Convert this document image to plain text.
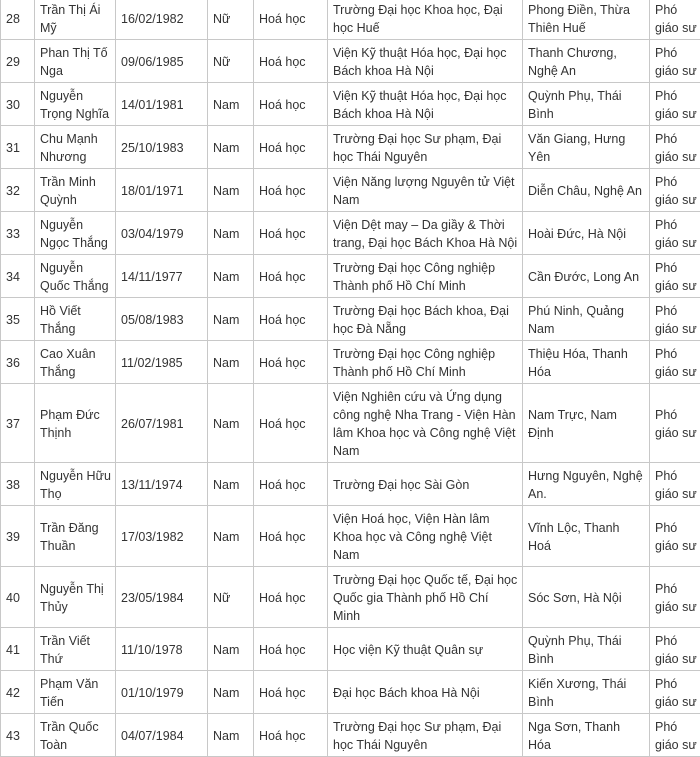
28	Trần Thị Ái Mỹ	16/02/1982	Nữ	Hoá học	Trường Đại học Khoa học, Đại học Huế	Phong Điền, Thừa Thiên Huế	Phó giáo sư
29	Phan Thị Tố Nga	09/06/1985	Nữ	Hoá học	Viện Kỹ thuật Hóa học, Đại học Bách khoa Hà Nội	Thanh Chương, Nghệ An	Phó giáo sư
30	Nguyễn Trọng Nghĩa	14/01/1981	Nam	Hoá học	Viện Kỹ thuật Hóa học, Đại học Bách khoa Hà Nội	Quỳnh Phụ, Thái Bình	Phó giáo sư
31	Chu Mạnh Nhương	25/10/1983	Nam	Hoá học	Trường Đại học Sư phạm, Đại học Thái Nguyên	Văn Giang, Hưng Yên	Phó giáo sư
32	Trần Minh Quỳnh	18/01/1971	Nam	Hoá học	Viện Năng lượng Nguyên tử Việt Nam	Diễn Châu, Nghệ An	Phó giáo sư
33	Nguyễn Ngọc Thắng	03/04/1979	Nam	Hoá học	Viện Dệt may – Da giầy & Thời trang, Đại học Bách Khoa Hà Nội	Hoài Đức, Hà Nội	Phó giáo sư
34	Nguyễn Quốc Thắng	14/11/1977	Nam	Hoá học	Trường Đại học Công nghiệp Thành phố Hồ Chí Minh	Cần Đước, Long An	Phó giáo sư
35	Hồ Viết Thắng	05/08/1983	Nam	Hoá học	Trường Đại học Bách khoa, Đại học Đà Nẵng	Phú Ninh, Quảng Nam	Phó giáo sư
36	Cao Xuân Thắng	11/02/1985	Nam	Hoá học	Trường Đại học Công nghiệp Thành phố Hồ Chí Minh	Thiệu Hóa, Thanh Hóa	Phó giáo sư
37	Phạm Đức Thịnh	26/07/1981	Nam	Hoá học	Viện Nghiên cứu và Ứng dụng công nghệ Nha Trang - Viện Hàn lâm Khoa học và Công nghệ Việt Nam	Nam Trực, Nam Định	Phó giáo sư
38	Nguyễn Hữu Thọ	13/11/1974	Nam	Hoá học	Trường Đại học Sài Gòn	Hưng Nguyên, Nghệ An.	Phó giáo sư
39	Trần Đăng Thuần	17/03/1982	Nam	Hoá học	Viện Hoá học, Viện Hàn lâm Khoa học và Công nghệ Việt Nam	Vĩnh Lộc, Thanh Hoá	Phó giáo sư
40	Nguyễn Thị Thủy	23/05/1984	Nữ	Hoá học	Trường Đại học Quốc tế, Đại học Quốc gia Thành phố Hồ Chí Minh	Sóc Sơn, Hà Nội	Phó giáo sư
41	Trần Viết Thứ	11/10/1978	Nam	Hoá học	Học viện Kỹ thuật Quân sự	Quỳnh Phụ, Thái Bình	Phó giáo sư
42	Phạm Văn Tiến	01/10/1979	Nam	Hoá học	Đại học Bách khoa Hà Nội	Kiến Xương, Thái Bình	Phó giáo sư
43	Trần Quốc Toàn	04/07/1984	Nam	Hoá học	Trường Đại học Sư phạm, Đại học Thái Nguyên	Nga Sơn, Thanh Hóa	Phó giáo sư
